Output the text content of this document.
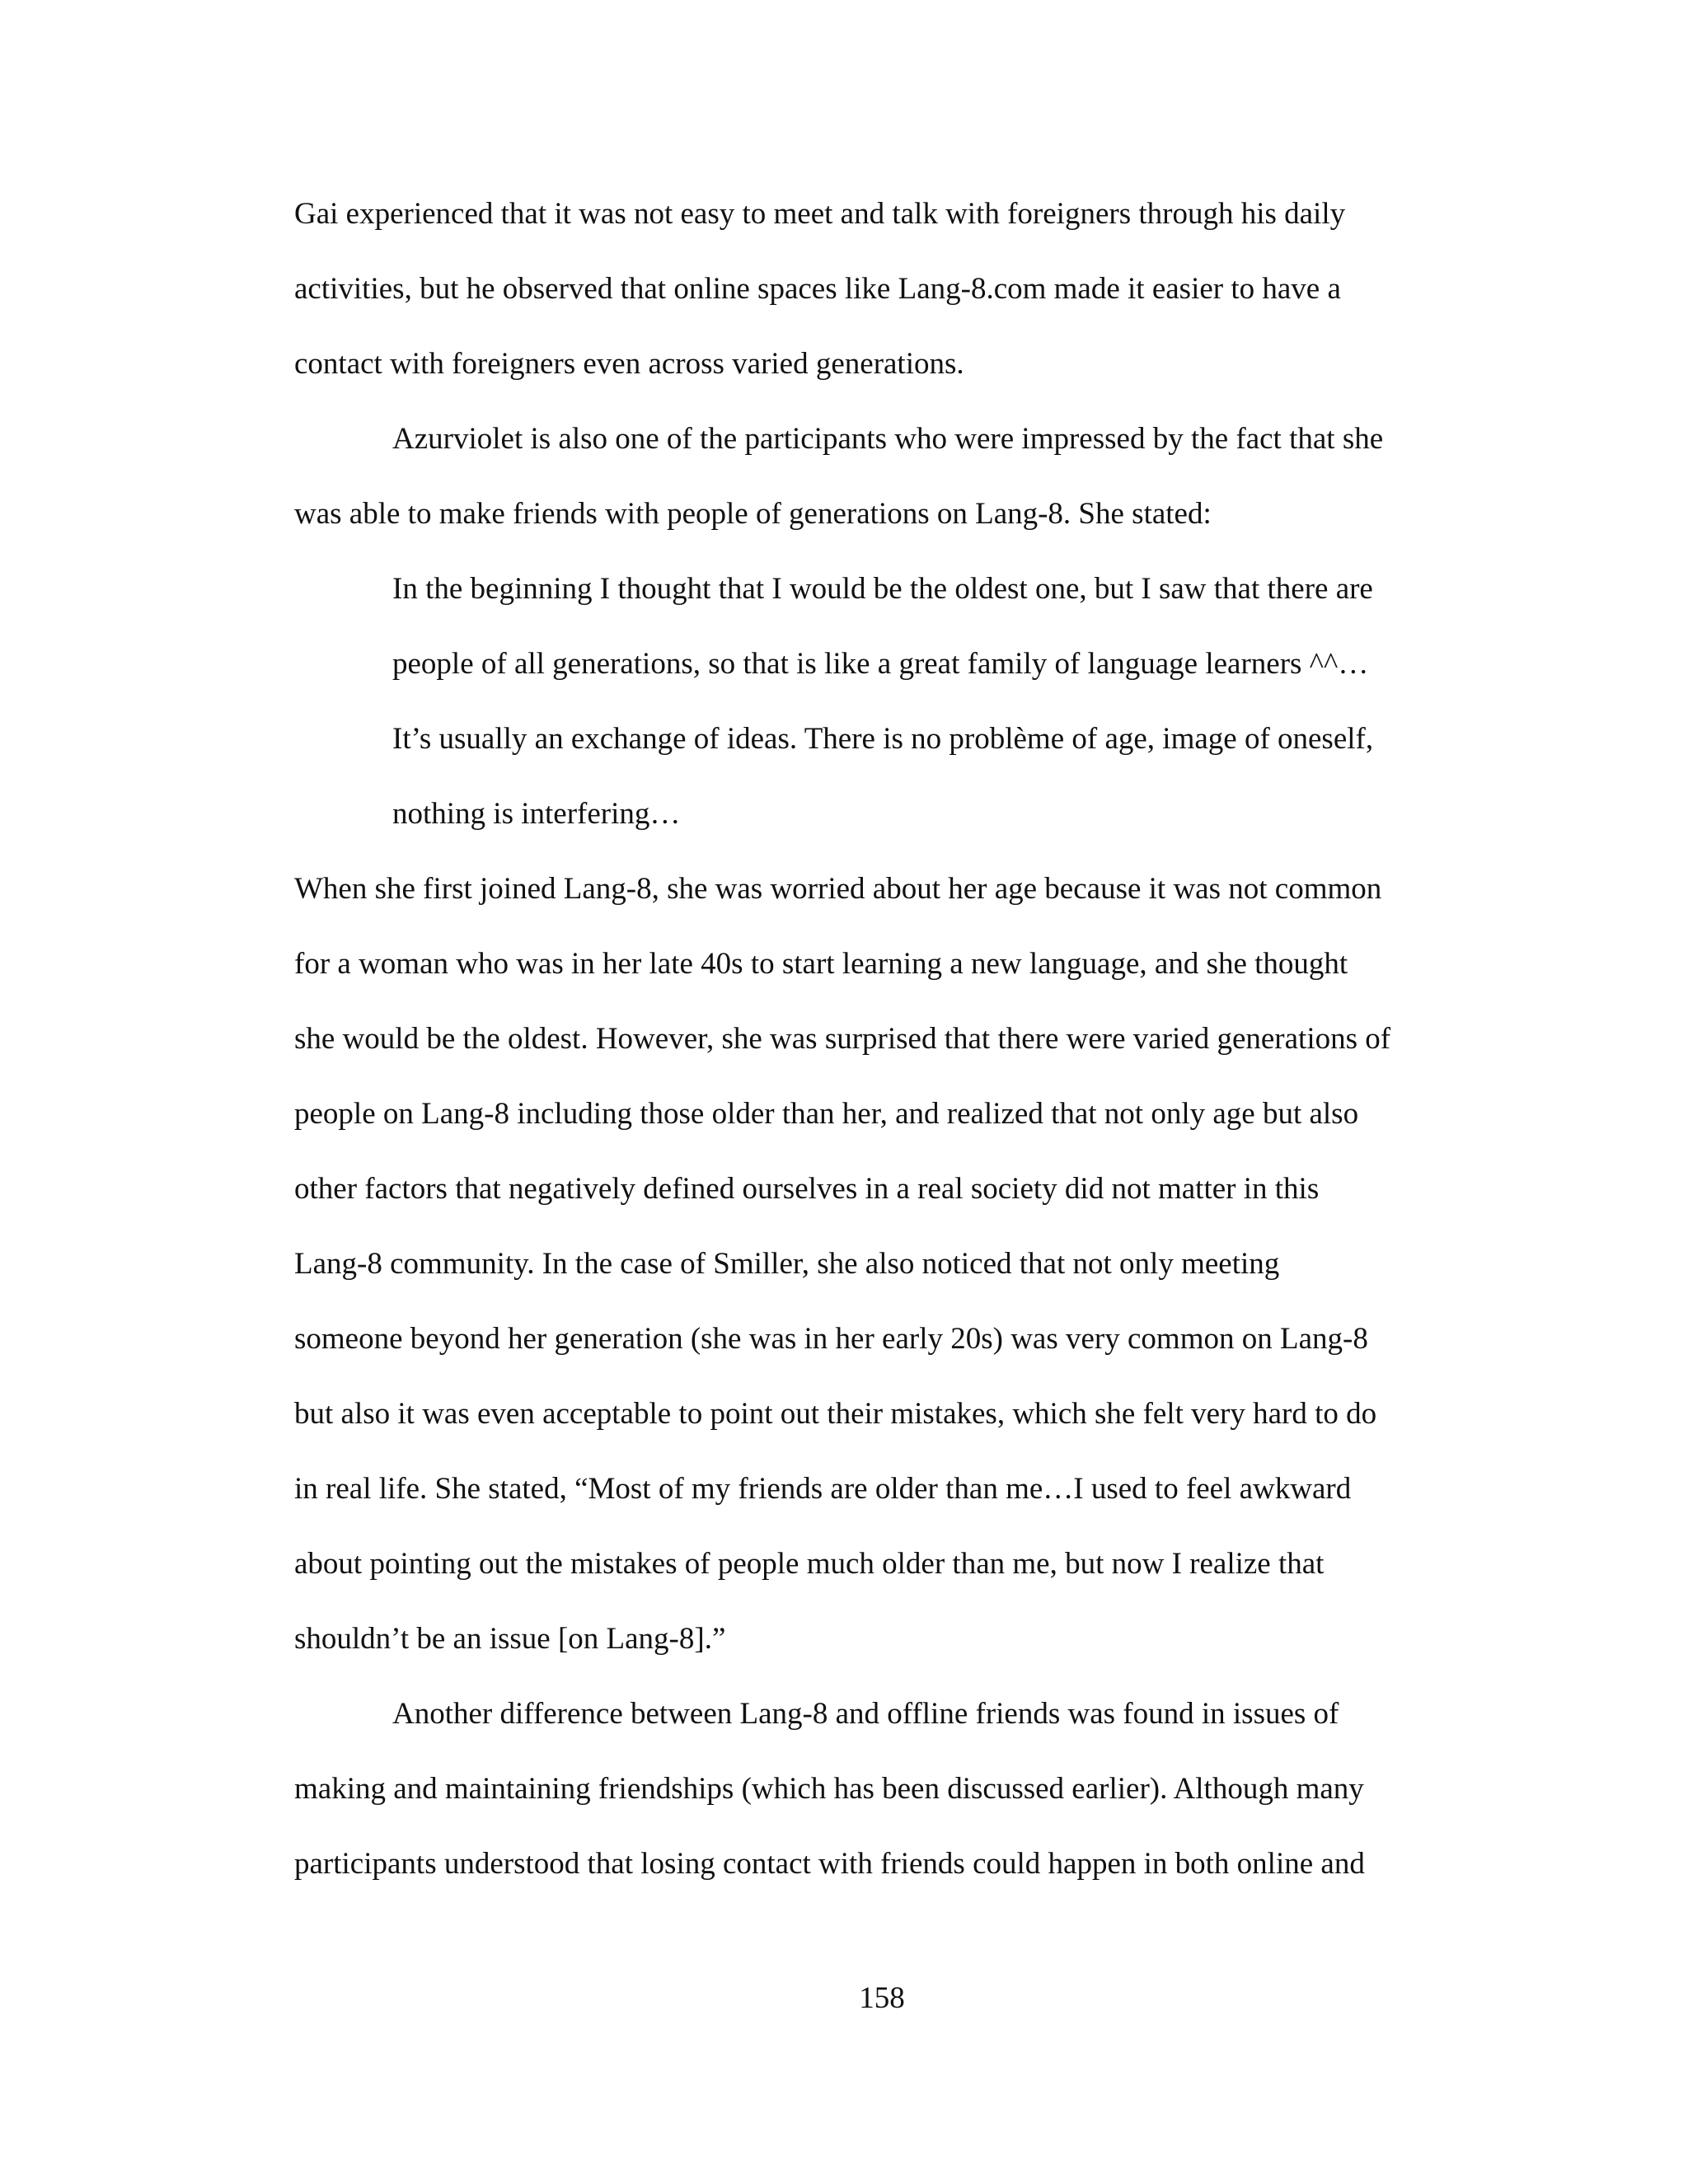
Gai experienced that it was not easy to meet and talk with foreigners through his daily

activities, but he observed that online spaces like Lang-8.com made it easier to have a

contact with foreigners even across varied generations.

Azurviolet is also one of the participants who were impressed by the fact that she

was able to make friends with people of generations on Lang-8. She stated:

In the beginning I thought that I would be the oldest one, but I saw that there are

people of all generations, so that is like a great family of language learners ^^…

It’s usually an exchange of ideas. There is no problème of age, image of oneself,

nothing is interfering…

When she first joined Lang-8, she was worried about her age because it was not common

for a woman who was in her late 40s to start learning a new language, and she thought

she would be the oldest. However, she was surprised that there were varied generations of

people on Lang-8 including those older than her, and realized that not only age but also

other factors that negatively defined ourselves in a real society did not matter in this

Lang-8 community. In the case of Smiller, she also noticed that not only meeting

someone beyond her generation (she was in her early 20s) was very common on Lang-8

but also it was even acceptable to point out their mistakes, which she felt very hard to do

in real life. She stated, “Most of my friends are older than me…I used to feel awkward

about pointing out the mistakes of people much older than me, but now I realize that

shouldn’t be an issue [on Lang-8].”

Another difference between Lang-8 and offline friends was found in issues of

making and maintaining friendships (which has been discussed earlier). Although many

participants understood that losing contact with friends could happen in both online and

158
